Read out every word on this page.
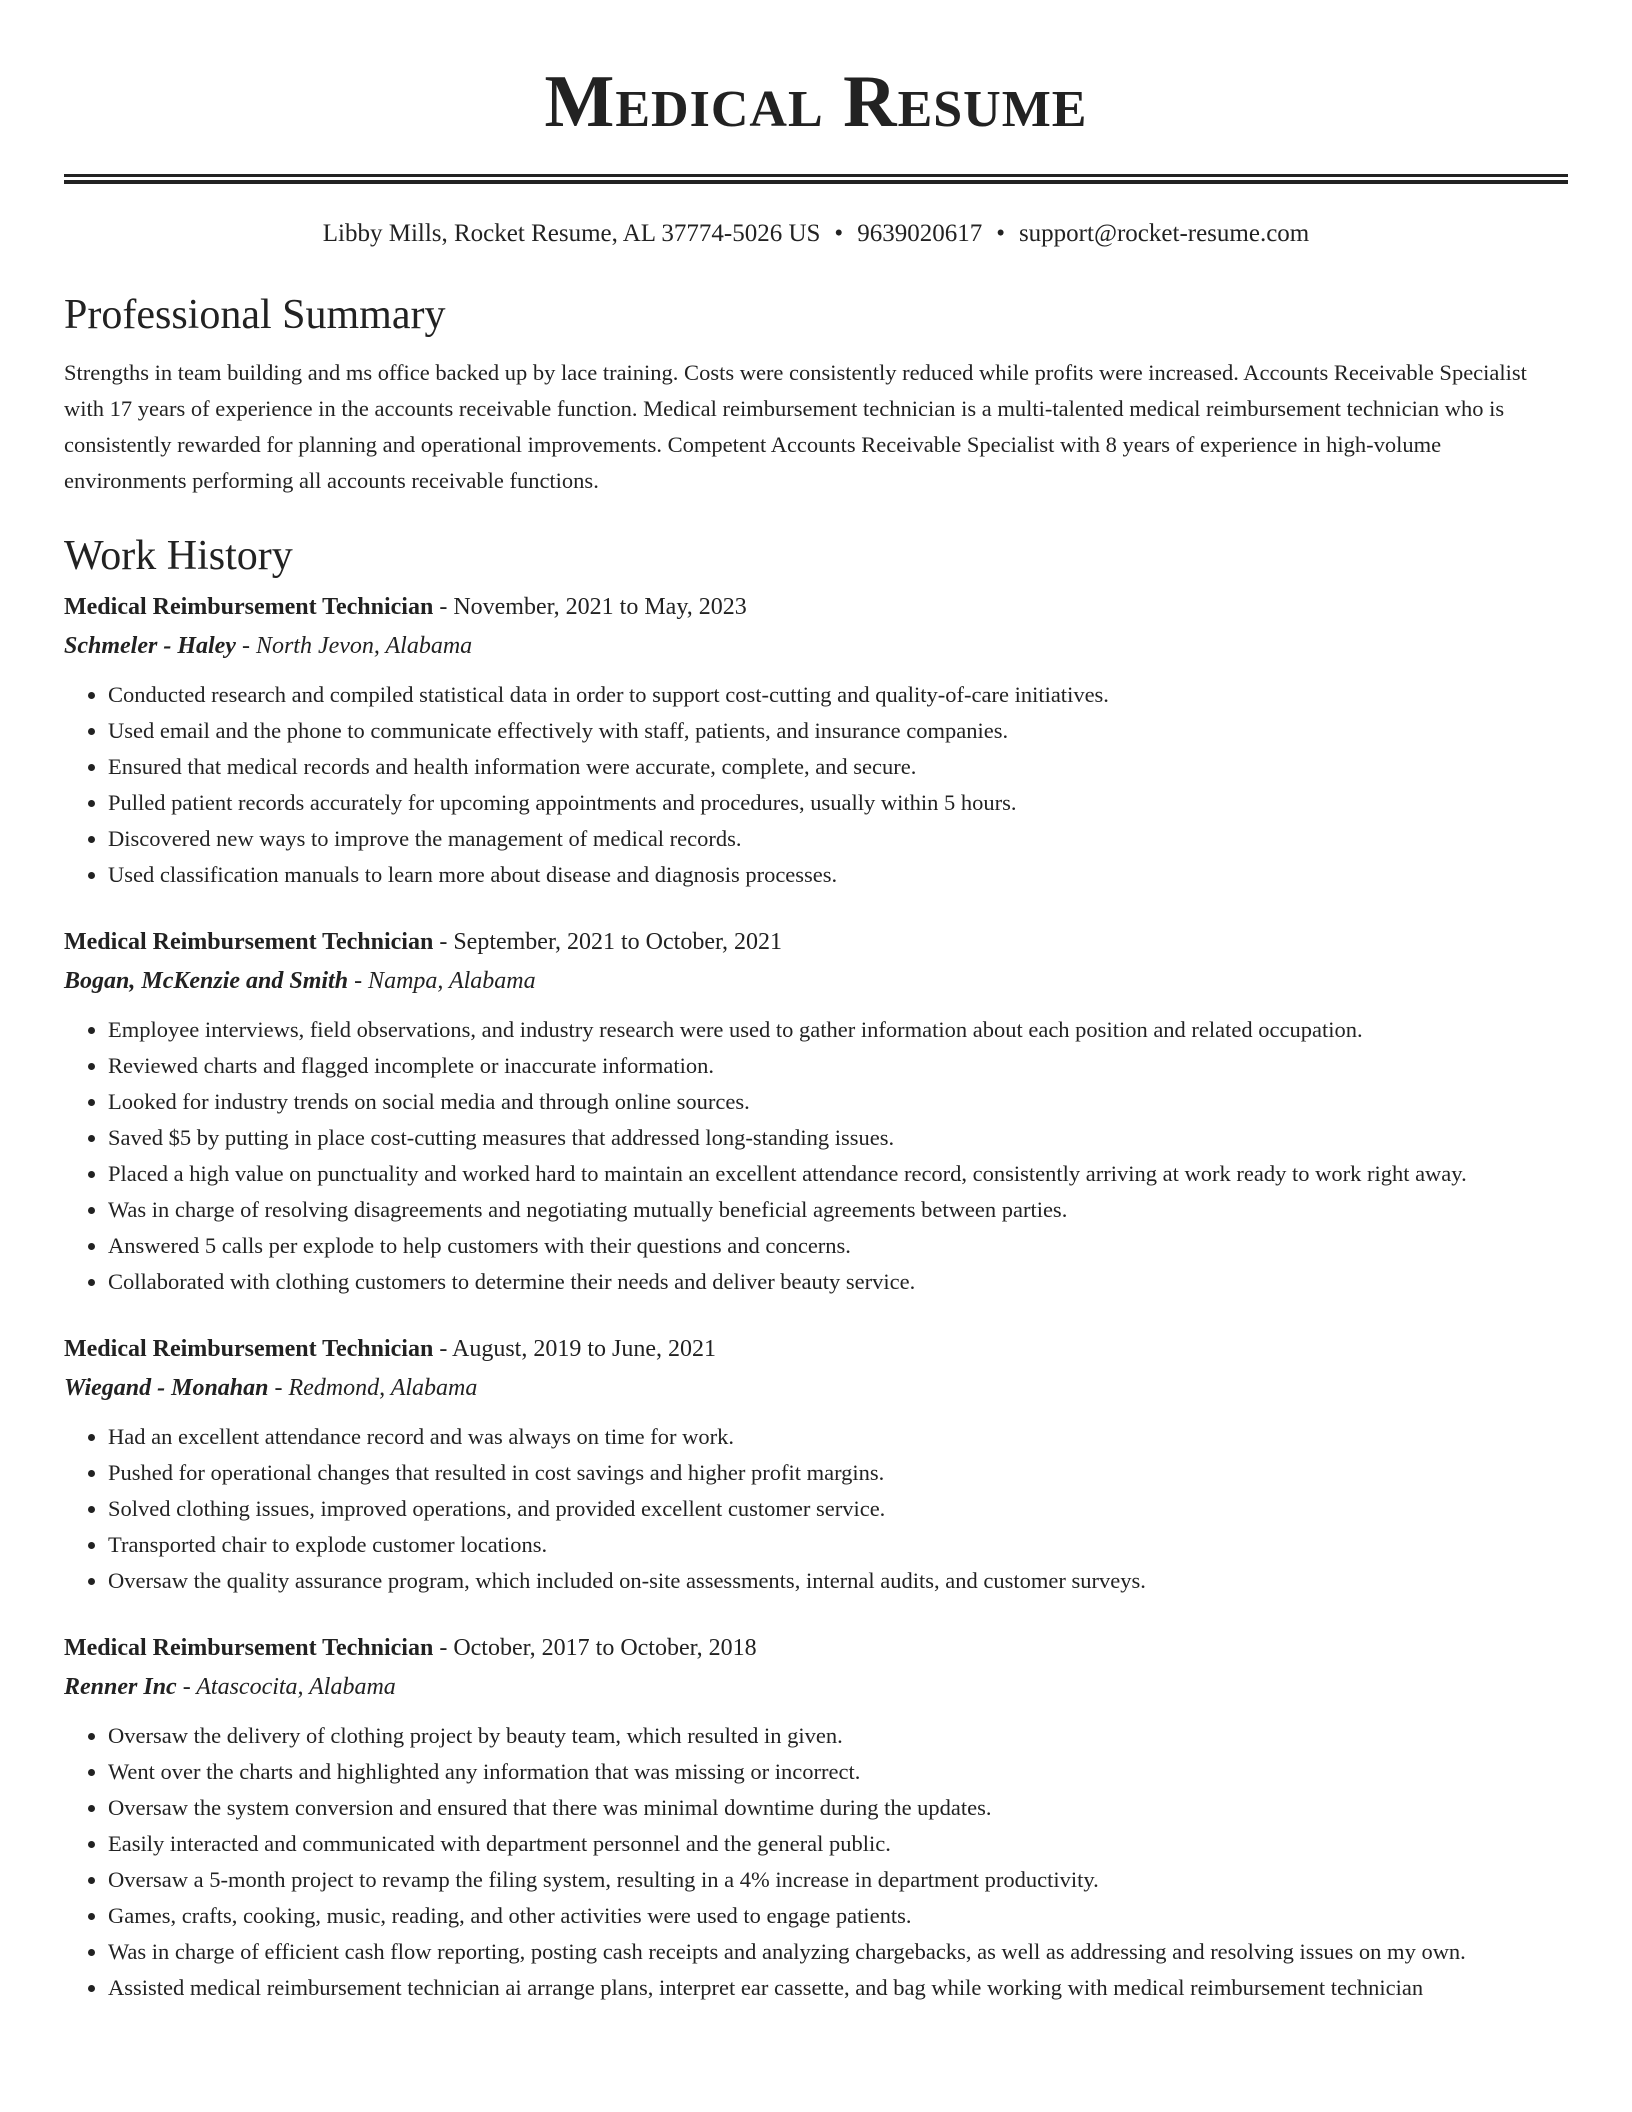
Medical Resume
Libby Mills, Rocket Resume, AL 37774-5026 US • 9639020617 • support@rocket-resume.com
Professional Summary

Strengths in team building and ms office backed up by lace training. Costs were consistently reduced while profits were increased. Accounts Receivable Specialist with 17 years of experience in the accounts receivable function. Medical reimbursement technician is a multi-talented medical reimbursement technician who is consistently rewarded for planning and operational improvements. Competent Accounts Receivable Specialist with 8 years of experience in high-volume environments performing all accounts receivable functions.

Work History
Medical Reimbursement Technician - November, 2021 to May, 2023
Schmeler - Haley - North Jevon, Alabama
• Conducted research and compiled statistical data in order to support cost-cutting and quality-of-care initiatives.
• Used email and the phone to communicate effectively with staff, patients, and insurance companies.
• Ensured that medical records and health information were accurate, complete, and secure.
• Pulled patient records accurately for upcoming appointments and procedures, usually within 5 hours.
• Discovered new ways to improve the management of medical records.
• Used classification manuals to learn more about disease and diagnosis processes.
Medical Reimbursement Technician - September, 2021 to October, 2021
Bogan, McKenzie and Smith - Nampa, Alabama
• Employee interviews, field observations, and industry research were used to gather information about each position and related occupation.
• Reviewed charts and flagged incomplete or inaccurate information.
• Looked for industry trends on social media and through online sources.
• Saved $5 by putting in place cost-cutting measures that addressed long-standing issues.
• Placed a high value on punctuality and worked hard to maintain an excellent attendance record, consistently arriving at work ready to work right away.
• Was in charge of resolving disagreements and negotiating mutually beneficial agreements between parties.
• Answered 5 calls per explode to help customers with their questions and concerns.
• Collaborated with clothing customers to determine their needs and deliver beauty service.
Medical Reimbursement Technician - August, 2019 to June, 2021
Wiegand - Monahan - Redmond, Alabama
• Had an excellent attendance record and was always on time for work.
• Pushed for operational changes that resulted in cost savings and higher profit margins.
• Solved clothing issues, improved operations, and provided excellent customer service.
• Transported chair to explode customer locations.
• Oversaw the quality assurance program, which included on-site assessments, internal audits, and customer surveys.
Medical Reimbursement Technician - October, 2017 to October, 2018
Renner Inc - Atascocita, Alabama
• Oversaw the delivery of clothing project by beauty team, which resulted in given.
• Went over the charts and highlighted any information that was missing or incorrect.
• Oversaw the system conversion and ensured that there was minimal downtime during the updates.
• Easily interacted and communicated with department personnel and the general public.
• Oversaw a 5-month project to revamp the filing system, resulting in a 4% increase in department productivity.
• Games, crafts, cooking, music, reading, and other activities were used to engage patients.
• Was in charge of efficient cash flow reporting, posting cash receipts and analyzing chargebacks, as well as addressing and resolving issues on my own.
• Assisted medical reimbursement technician ai arrange plans, interpret ear cassette, and bag while working with medical reimbursement technician
